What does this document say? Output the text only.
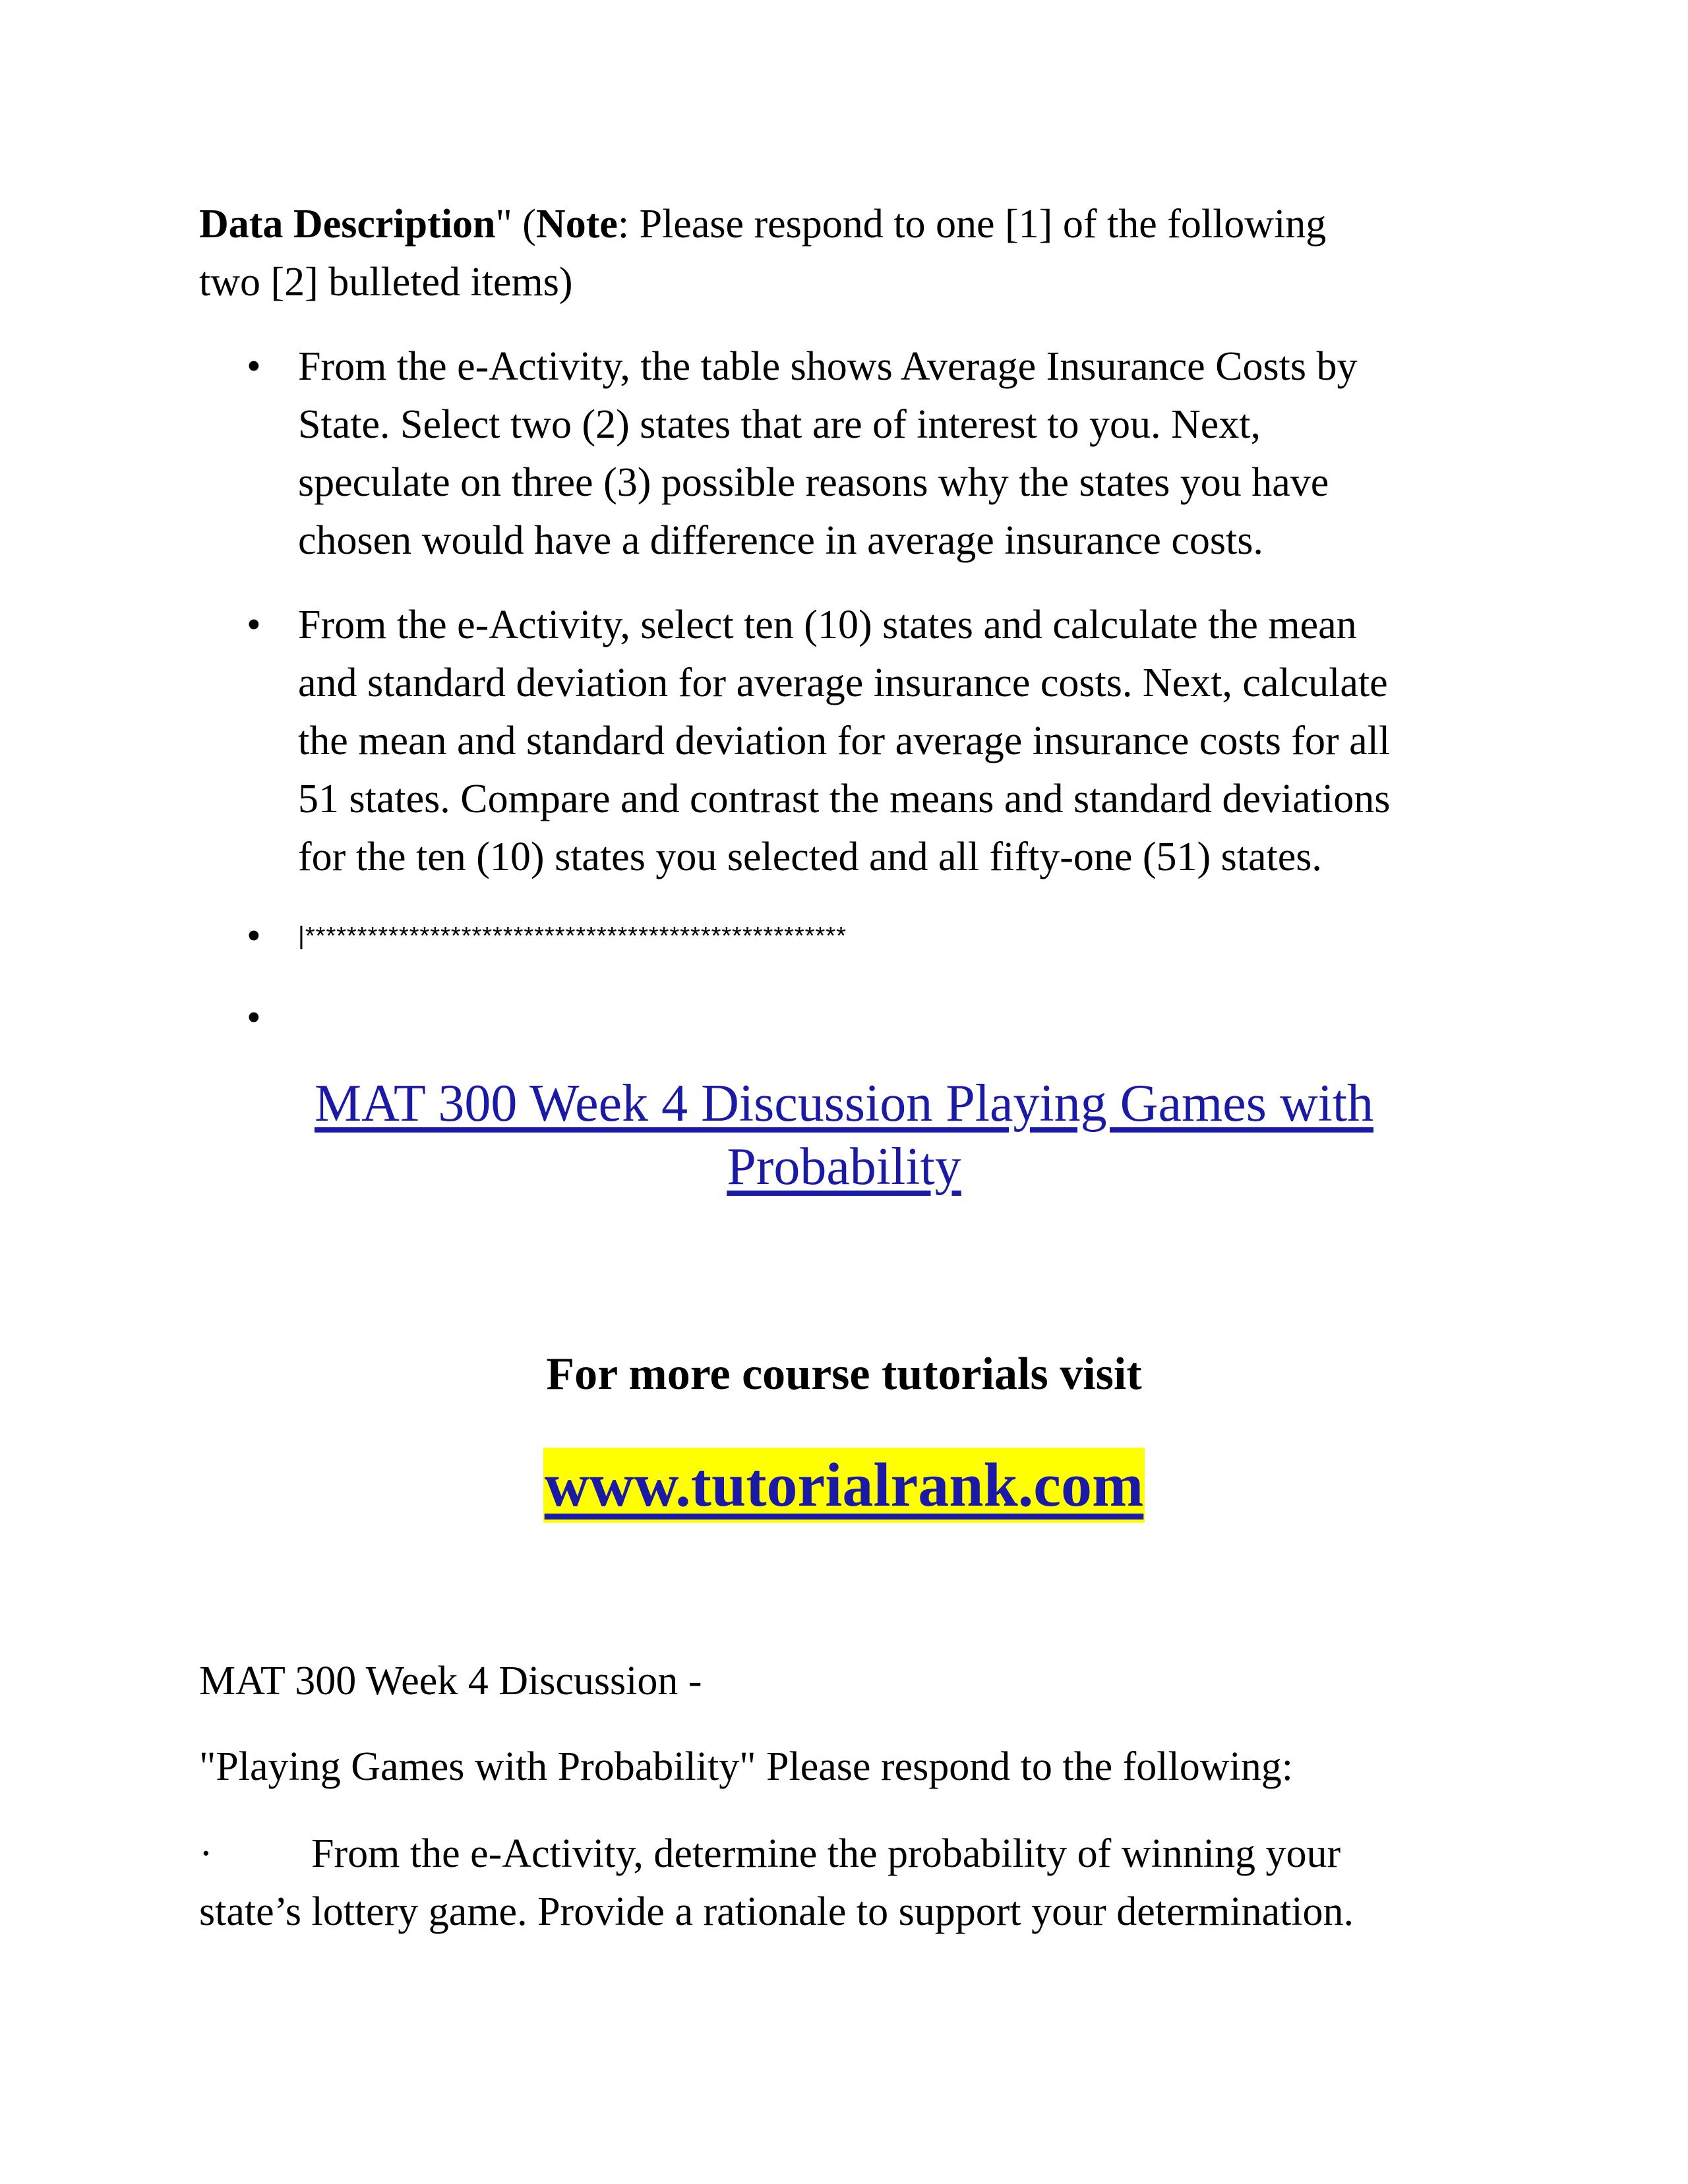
Data Description" (Note: Please respond to one [1] of the following
two [2] bulleted items)

• From the e-Activity, the table shows Average Insurance Costs by
State. Select two (2) states that are of interest to you. Next,
speculate on three (3) possible reasons why the states you have
chosen would have a difference in average insurance costs.
• From the e-Activity, select ten (10) states and calculate the mean
and standard deviation for average insurance costs. Next, calculate
the mean and standard deviation for average insurance costs for all
51 states. Compare and contrast the means and standard deviations
for the ten (10) states you selected and all fifty-one (51) states.
• |****************************************************
•

MAT 300 Week 4 Discussion Playing Games with
Probability

For more course tutorials visit

www.tutorialrank.com

MAT 300 Week 4 Discussion -

"Playing Games with Probability" Please respond to the following:

· From the e-Activity, determine the probability of winning your
state’s lottery game. Provide a rationale to support your determination.
